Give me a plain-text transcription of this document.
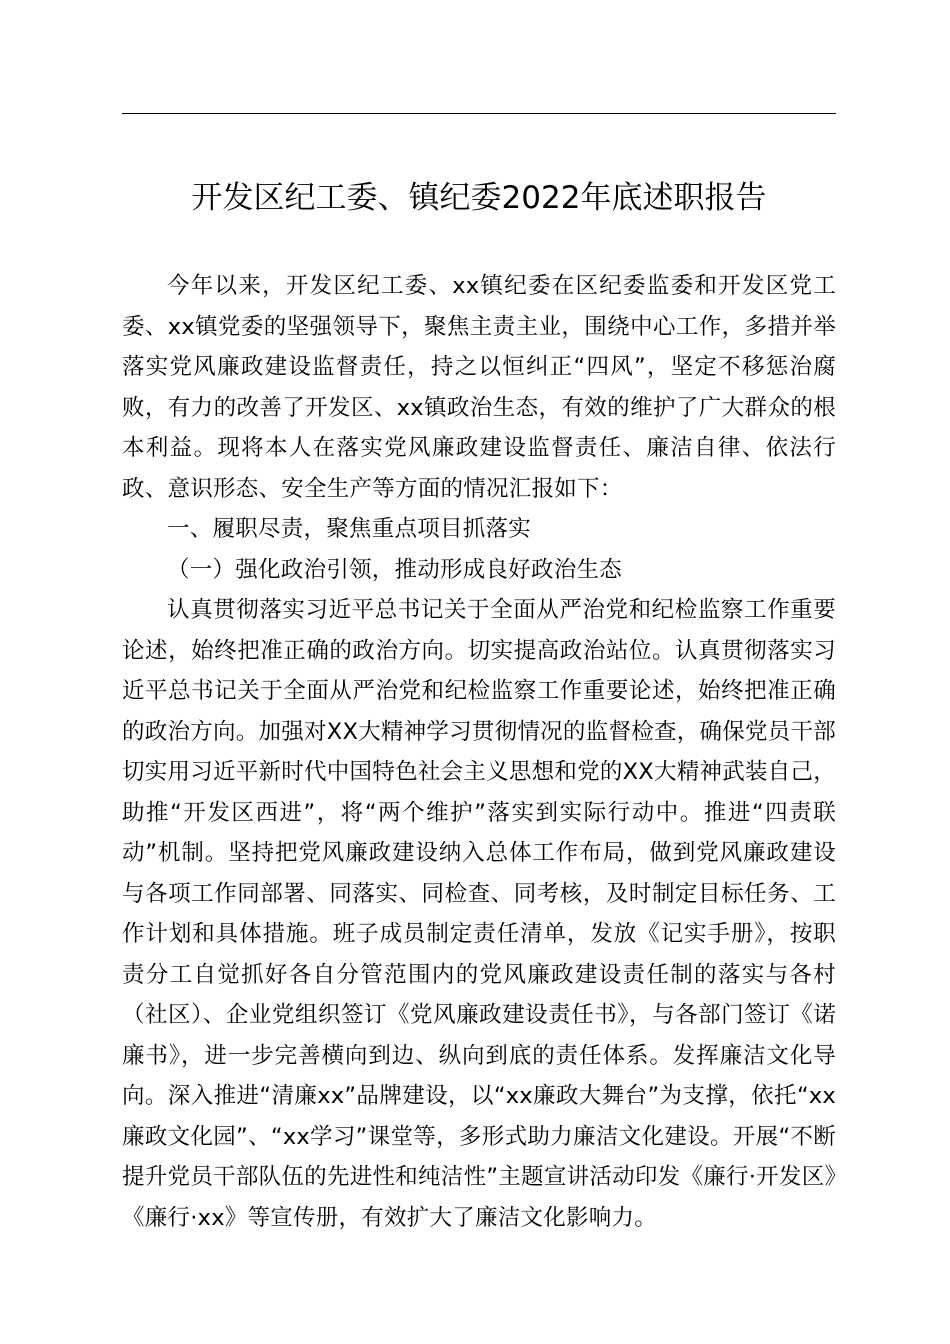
开发区纪工委、镇纪委2022年底述职报告

今年以来，开发区纪工委、xx镇纪委在区纪委监委和开发区党工委、xx镇党委的坚强领导下，聚焦主责主业，围绕中心工作，多措并举落实党风廉政建设监督责任，持之以恒纠正“四风”，坚定不移惩治腐败，有力的改善了开发区、xx镇政治生态，有效的维护了广大群众的根本利益。现将本人在落实党风廉政建设监督责任、廉洁自律、依法行政、意识形态、安全生产等方面的情况汇报如下：

一、履职尽责，聚焦重点项目抓落实

（一）强化政治引领，推动形成良好政治生态

认真贯彻落实习近平总书记关于全面从严治党和纪检监察工作重要论述，始终把准正确的政治方向。切实提高政治站位。认真贯彻落实习近平总书记关于全面从严治党和纪检监察工作重要论述，始终把准正确的政治方向。加强对XX大精神学习贯彻情况的监督检查，确保党员干部切实用习近平新时代中国特色社会主义思想和党的XX大精神武装自己，助推“开发区西进”，将“两个维护”落实到实际行动中。推进“四责联动”机制。坚持把党风廉政建设纳入总体工作布局，做到党风廉政建设与各项工作同部署、同落实、同检查、同考核，及时制定目标任务、工作计划和具体措施。班子成员制定责任清单，发放《记实手册》，按职责分工自觉抓好各自分管范围内的党风廉政建设责任制的落实与各村（社区）、企业党组织签订《党风廉政建设责任书》，与各部门签订《诺廉书》，进一步完善横向到边、纵向到底的责任体系。发挥廉洁文化导向。深入推进“清廉xx”品牌建设，以“xx廉政大舞台”为支撑，依托“xx廉政文化园”、“xx学习”课堂等，多形式助力廉洁文化建设。开展“不断提升党员干部队伍的先进性和纯洁性”主题宣讲活动印发《廉行·开发区》《廉行·xx》等宣传册，有效扩大了廉洁文化影响力。
